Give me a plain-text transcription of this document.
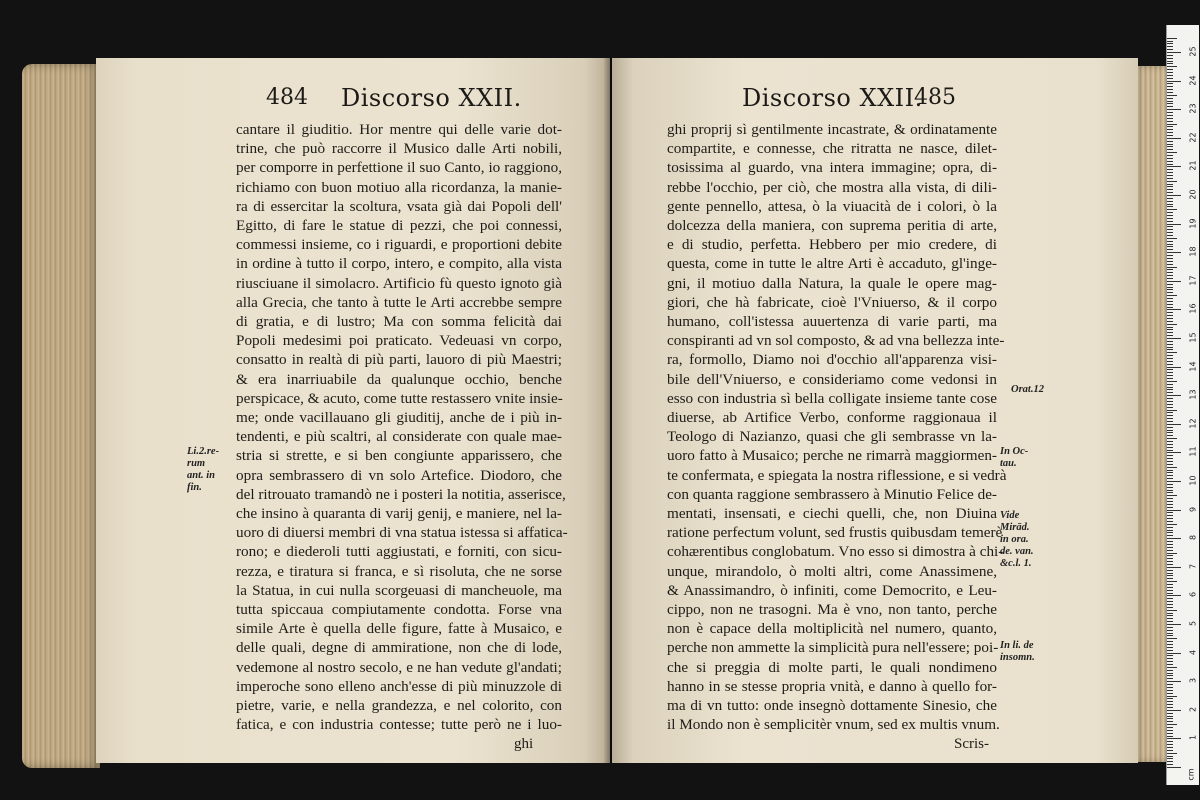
484 Discorso XXII.
cantare il giuditio. Hor mentre qui delle varie dot-
trine, che può raccorre il Musico dalle Arti nobili,
per comporre in perfettione il suo Canto, io raggiono,
richiamo con buon motiuo alla ricordanza, la manie-
ra di essercitar la scoltura, vsata già dai Popoli dell'
Egitto, di fare le statue di pezzi, che poi connessi,
commessi insieme, co i riguardi, e proportioni debite
in ordine à tutto il corpo, intero, e compito, alla vista
riusciuane il simolacro. Artificio fù questo ignoto già
alla Grecia, che tanto à tutte le Arti accrebbe sempre
di gratia, e di lustro; Ma con somma felicità dai
Popoli medesimi poi praticato. Vedeuasi vn corpo,
consatto in realtà di più parti, lauoro di più Maestri;
& era inarriuabile da qualunque occhio, benche
perspicace, & acuto, come tutte restassero vnite insie-
me; onde vacillauano gli giuditij, anche de i più in-
tendenti, e più scaltri, al considerate con quale mae-
stria si strette, e si ben congiunte apparissero, che
opra sembrassero di vn solo Artefice. Diodoro, che
del ritrouato tramandò ne i posteri la notitia, asserisce,
che insino à quaranta di varij genij, e maniere, nel la-
uoro di diuersi membri di vna statua istessa si affatica-
rono; e diederoli tutti aggiustati, e forniti, con sicu-
rezza, e tiratura si franca, e sì risoluta, che ne sorse
la Statua, in cui nulla scorgeuasi di mancheuole, ma
tutta spiccaua compiutamente condotta. Forse vna
simile Arte è quella delle figure, fatte à Musaico, e
delle quali, degne di ammiratione, non che di lode,
vedemone al nostro secolo, e ne han vedute gl'andati;
imperoche sono elleno anch'esse di più minuzzole di
pietre, varie, e nella grandezza, e nel colorito, con
fatica, e con industria contesse; tutte però ne i luo-
ghi
Li.2.re-
rum
ant. in
fin.
Discorso XXII.
485
ghi proprij sì gentilmente incastrate, & ordinatamente
compartite, e connesse, che ritratta ne nasce, dilet-
tosissima al guardo, vna intera immagine; opra, di-
rebbe l'occhio, per ciò, che mostra alla vista, di dili-
gente pennello, attesa, ò la viuacità de i colori, ò la
dolcezza della maniera, con suprema peritia di arte,
e di studio, perfetta. Hebbero per mio credere, di
questa, come in tutte le altre Arti è accaduto, gl'inge-
gni, il motiuo dalla Natura, la quale le opere mag-
giori, che hà fabricate, cioè l'Vniuerso, & il corpo
humano, coll'istessa auuertenza di varie parti, ma
conspiranti ad vn sol composto, & ad vna bellezza inte-
ra, formollo, Diamo noi d'occhio all'apparenza visi-
bile dell'Vniuerso, e consideriamo come vedonsi in
esso con industria sì bella colligate insieme tante cose
diuerse, ab Artifice Verbo, conforme raggionaua il
Teologo di Nazianzo, quasi che gli sembrasse vn la-
uoro fatto à Musaico; perche ne rimarrà maggiormen-
te confermata, e spiegata la nostra riflessione, e si vedrà
con quanta raggione sembrassero à Minutio Felice de-
mentati, insensati, e ciechi quelli, che, non Diuina
ratione perfectum volunt, sed frustis quibusdam temerè
cohærentibus conglobatum. Vno esso si dimostra à chi-
unque, mirandolo, ò molti altri, come Anassimene,
& Anassimandro, ò infiniti, come Democrito, e Leu-
cippo, non ne trasogni. Ma è vno, non tanto, perche
non è capace della moltiplicità nel numero, quanto,
perche non ammette la simplicità pura nell'essere; poi-
che si preggia di molte parti, le quali nondimeno
hanno in se stesse propria vnità, e danno à quello for-
ma di vn tutto: onde insegnò dottamente Sinesio, che
il Mondo non è semplicitèr vnum, sed ex multis vnum.
Scris-
Orat.12
In Oc-
tau.
Vide
Mirād.
in ora.
de. van.
&c.l. 1.
In li. de
insomn.
cm
1
2
3
4
5
6
7
8
9
10
11
12
13
14
15
16
17
18
19
20
21
22
23
24
25
